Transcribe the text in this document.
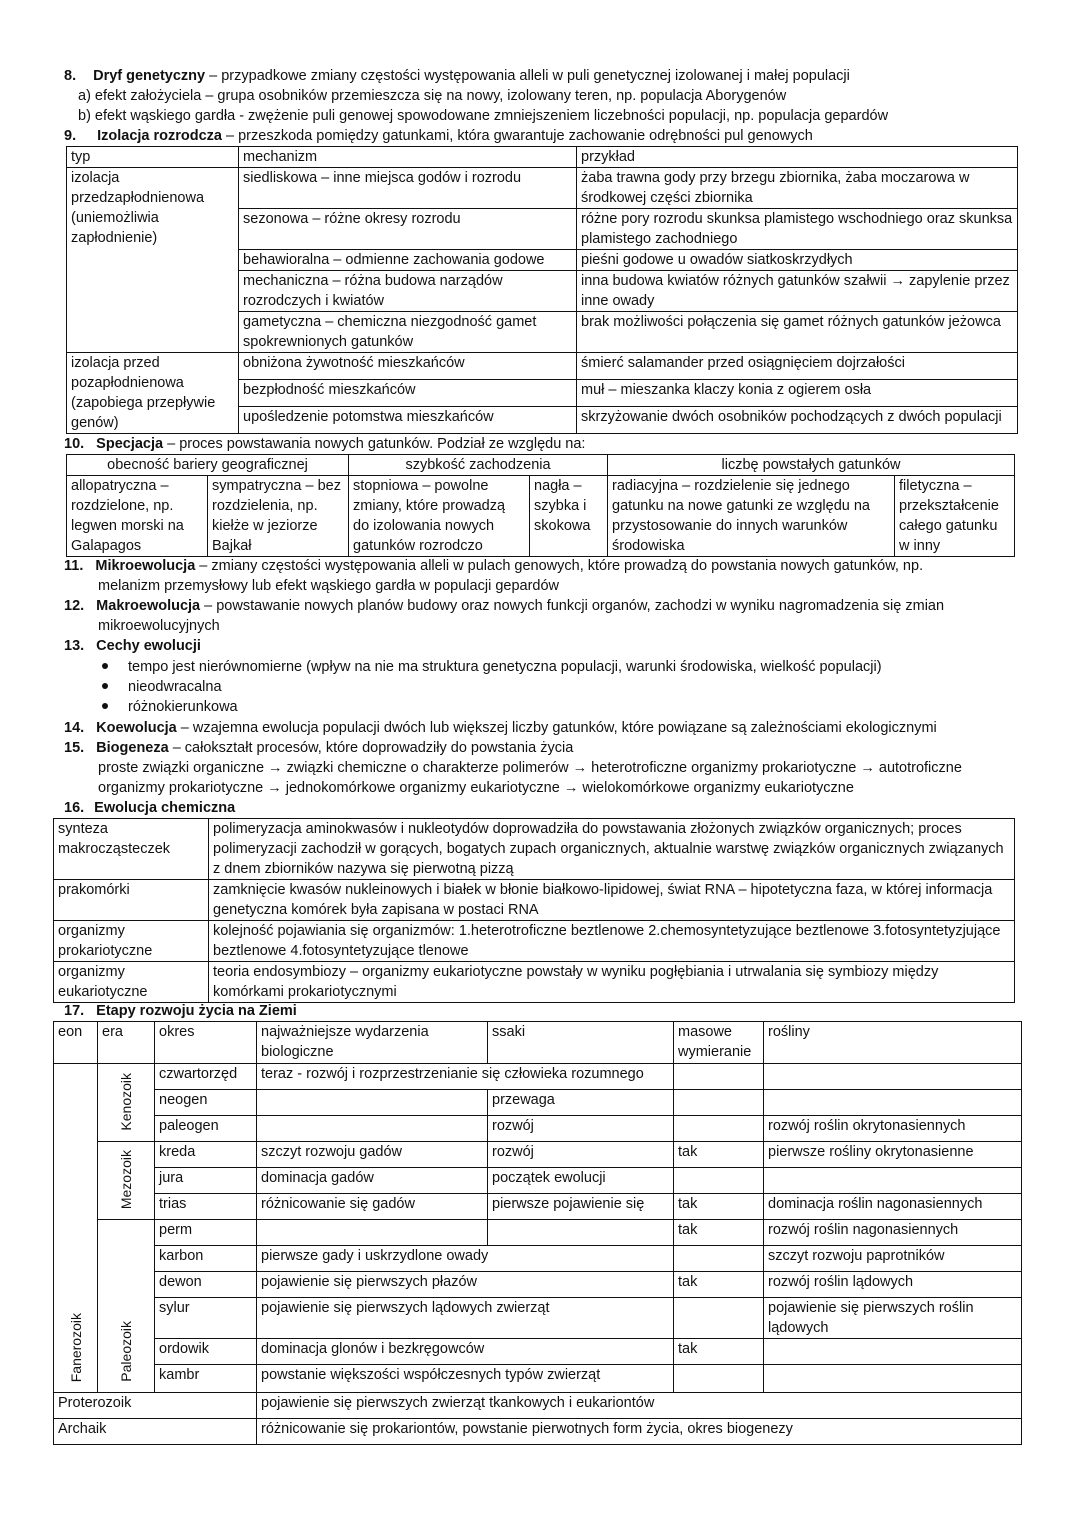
8. Dryf genetyczny – przypadkowe zmiany częstości występowania alleli w puli genetycznej izolowanej i małej populacji
a) efekt założyciela – grupa osobników przemieszcza się na nowy, izolowany teren, np. populacja Aborygenów
b) efekt wąskiego gardła - zwężenie puli genowej spowodowane zmniejszeniem liczebności populacji, np. populacja gepardów
9. Izolacja rozrodcza – przeszkoda pomiędzy gatunkami, która gwarantuje zachowanie odrębności pul genowych
typ	mechanizm	przykład
izolacja przedzapłodnienowa (uniemożliwia zapłodnienie)	siedliskowa – inne miejsca godów i rozrodu	żaba trawna gody przy brzegu zbiornika, żaba moczarowa w środkowej części zbiornika
	sezonowa – różne okresy rozrodu	różne pory rozrodu skunksa plamistego wschodniego oraz skunksa plamistego zachodniego
	behawioralna – odmienne zachowania godowe	pieśni godowe u owadów siatkoskrzydłych
	mechaniczna – różna budowa narządów rozrodczych i kwiatów	inna budowa kwiatów różnych gatunków szałwii → zapylenie przez inne owady
	gametyczna – chemiczna niezgodność gamet spokrewnionych gatunków	brak możliwości połączenia się gamet różnych gatunków jeżowca
izolacja przed pozapłodnienowa (zapobiega przepływie genów)	obniżona żywotność mieszkańców	śmierć salamander przed osiągnięciem dojrzałości
	bezpłodność mieszkańców	muł – mieszanka klaczy konia z ogierem osła
	upośledzenie potomstwa mieszkańców	skrzyżowanie dwóch osobników pochodzących z dwóch populacji
10. Specjacja – proces powstawania nowych gatunków. Podział ze względu na:
obecność bariery geograficznej		szybkość zachodzenia		liczbę powstałych gatunków	
allopatryczna – rozdzielone, np. legwen morski na Galapagos	sympatryczna – bez rozdzielenia, np. kiełże w jeziorze Bajkał	stopniowa – powolne zmiany, które prowadzą do izolowania nowych gatunków rozrodczo	nagła – szybka i skokowa	radiacyjna – rozdzielenie się jednego gatunku na nowe gatunki ze względu na przystosowanie do innych warunków środowiska	filetyczna – przekształcenie całego gatunku w inny
11. Mikroewolucja – zmiany częstości występowania alleli w pulach genowych, które prowadzą do powstania nowych gatunków, np.
melanizm przemysłowy lub efekt wąskiego gardła w populacji gepardów
12. Makroewolucja – powstawanie nowych planów budowy oraz nowych funkcji organów, zachodzi w wyniku nagromadzenia się zmian
mikroewolucyjnych
13. Cechy ewolucji
tempo jest nierównomierne (wpływ na nie ma struktura genetyczna populacji, warunki środowiska, wielkość populacji)
nieodwracalna
różnokierunkowa
14. Koewolucja – wzajemna ewolucja populacji dwóch lub większej liczby gatunków, które powiązane są zależnościami ekologicznymi
15. Biogeneza – całokształt procesów, które doprowadziły do powstania życia
proste związki organiczne → związki chemiczne o charakterze polimerów → heterotroficzne organizmy prokariotyczne → autotroficzne
organizmy prokariotyczne → jednokomórkowe organizmy eukariotyczne → wielokomórkowe organizmy eukariotyczne
16. Ewolucja chemiczna
synteza makrocząsteczek	polimeryzacja aminokwasów i nukleotydów doprowadziła do powstawania złożonych związków organicznych; proces polimeryzacji zachodził w gorących, bogatych zupach organicznych, aktualnie warstwę związków organicznych związanych z dnem zbiorników nazywa się pierwotną pizzą
prakomórki	zamknięcie kwasów nukleinowych i białek w błonie białkowo-lipidowej, świat RNA – hipotetyczna faza, w której informacja genetyczna komórek była zapisana w postaci RNA
organizmy prokariotyczne	kolejność pojawiania się organizmów: 1.heterotroficzne beztlenowe 2.chemosyntetyzujące beztlenowe 3.fotosyntetyzjujące beztlenowe 4.fotosyntetyzujące tlenowe
organizmy eukariotyczne	teoria endosymbiozy – organizmy eukariotyczne powstały w wyniku pogłębiania i utrwalania się symbiozy między komórkami prokariotycznymi
17. Etapy rozwoju życia na Ziemi
eon	era	okres	najważniejsze wydarzenia biologiczne	ssaki	masowe wymieranie	rośliny
Fanerozoik	Kenozoik	czwartorzęd	teraz - rozwój i rozprzestrzenianie się człowieka rozumnego			
		neogen		przewaga		
		paleogen		rozwój		rozwój roślin okrytonasiennych
	Mezozoik	kreda	szczyt rozwoju gadów	rozwój	tak	pierwsze rośliny okrytonasienne
		jura	dominacja gadów	początek ewolucji		
		trias	różnicowanie się gadów	pierwsze pojawienie się	tak	dominacja roślin nagonasiennych
	Paleozoik	perm			tak	rozwój roślin nagonasiennych
		karbon	pierwsze gady i uskrzydlone owady			szczyt rozwoju paprotników
		dewon	pojawienie się pierwszych płazów		tak	rozwój roślin lądowych
		sylur	pojawienie się pierwszych lądowych zwierząt			pojawienie się pierwszych roślin lądowych
		ordowik	dominacja glonów i bezkręgowców		tak	
		kambr	powstanie większości współczesnych typów zwierząt			
Proterozoik			pojawienie się pierwszych zwierząt tkankowych i eukariontów			
Archaik			różnicowanie się prokariontów, powstanie pierwotnych form życia, okres biogenezy			
